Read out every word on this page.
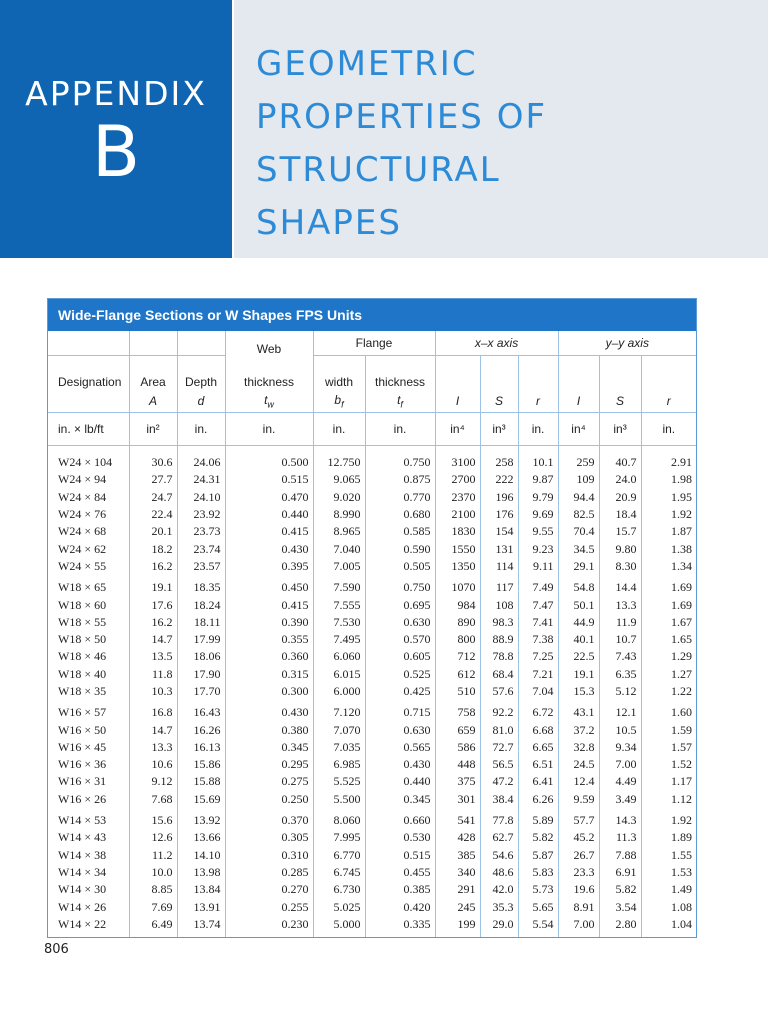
APPENDIX
B
GEOMETRIC
PROPERTIES OF
STRUCTURAL
SHAPES
Wide-Flange Sections or W Shapes FPS Units
			Web	Flange		x–x axis			y–y axis		
Designation	Area	Depth	thickness	width	thickness						
	A	d	$t_w$	$b_f$	$t_f$	I	S	r	I	S	r
in. × lb/ft	in²	in.	in.	in.	in.	in⁴	in³	in.	in⁴	in³	in.
W24 × 104	30.6	24.06	0.500	12.750	0.750	3100	258	10.1	259	40.7	2.91
W24 × 94	27.7	24.31	0.515	9.065	0.875	2700	222	9.87	109	24.0	1.98
W24 × 84	24.7	24.10	0.470	9.020	0.770	2370	196	9.79	94.4	20.9	1.95
W24 × 76	22.4	23.92	0.440	8.990	0.680	2100	176	9.69	82.5	18.4	1.92
W24 × 68	20.1	23.73	0.415	8.965	0.585	1830	154	9.55	70.4	15.7	1.87
W24 × 62	18.2	23.74	0.430	7.040	0.590	1550	131	9.23	34.5	9.80	1.38
W24 × 55	16.2	23.57	0.395	7.005	0.505	1350	114	9.11	29.1	8.30	1.34
W18 × 65	19.1	18.35	0.450	7.590	0.750	1070	117	7.49	54.8	14.4	1.69
W18 × 60	17.6	18.24	0.415	7.555	0.695	984	108	7.47	50.1	13.3	1.69
W18 × 55	16.2	18.11	0.390	7.530	0.630	890	98.3	7.41	44.9	11.9	1.67
W18 × 50	14.7	17.99	0.355	7.495	0.570	800	88.9	7.38	40.1	10.7	1.65
W18 × 46	13.5	18.06	0.360	6.060	0.605	712	78.8	7.25	22.5	7.43	1.29
W18 × 40	11.8	17.90	0.315	6.015	0.525	612	68.4	7.21	19.1	6.35	1.27
W18 × 35	10.3	17.70	0.300	6.000	0.425	510	57.6	7.04	15.3	5.12	1.22
W16 × 57	16.8	16.43	0.430	7.120	0.715	758	92.2	6.72	43.1	12.1	1.60
W16 × 50	14.7	16.26	0.380	7.070	0.630	659	81.0	6.68	37.2	10.5	1.59
W16 × 45	13.3	16.13	0.345	7.035	0.565	586	72.7	6.65	32.8	9.34	1.57
W16 × 36	10.6	15.86	0.295	6.985	0.430	448	56.5	6.51	24.5	7.00	1.52
W16 × 31	9.12	15.88	0.275	5.525	0.440	375	47.2	6.41	12.4	4.49	1.17
W16 × 26	7.68	15.69	0.250	5.500	0.345	301	38.4	6.26	9.59	3.49	1.12
W14 × 53	15.6	13.92	0.370	8.060	0.660	541	77.8	5.89	57.7	14.3	1.92
W14 × 43	12.6	13.66	0.305	7.995	0.530	428	62.7	5.82	45.2	11.3	1.89
W14 × 38	11.2	14.10	0.310	6.770	0.515	385	54.6	5.87	26.7	7.88	1.55
W14 × 34	10.0	13.98	0.285	6.745	0.455	340	48.6	5.83	23.3	6.91	1.53
W14 × 30	8.85	13.84	0.270	6.730	0.385	291	42.0	5.73	19.6	5.82	1.49
W14 × 26	7.69	13.91	0.255	5.025	0.420	245	35.3	5.65	8.91	3.54	1.08
W14 × 22	6.49	13.74	0.230	5.000	0.335	199	29.0	5.54	7.00	2.80	1.04
806
